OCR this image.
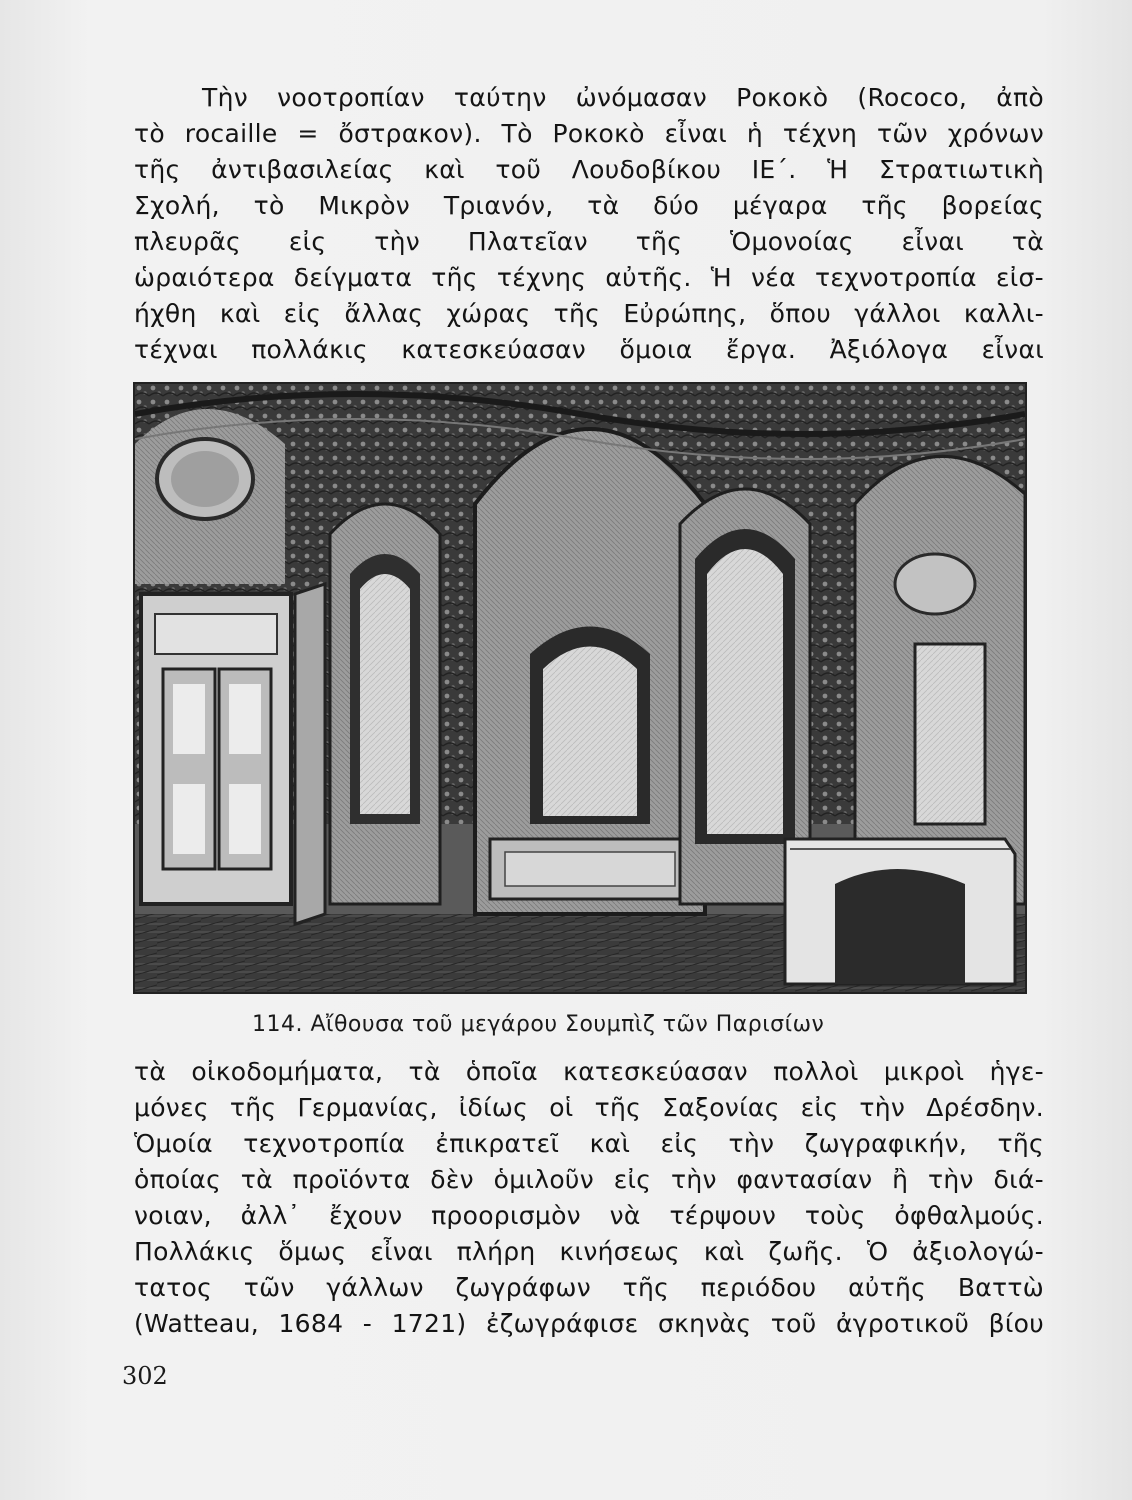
Τὴν νοοτροπίαν ταύτην ὠνόμασαν Ροκοκὸ (Rococo, ἀπὸ
τὸ rocaille = ὄστρακον). Τὸ Ροκοκὸ εἶναι ἡ τέχνη τῶν χρόνων
τῆς ἀντιβασιλείας καὶ τοῦ Λουδοβίκου ΙΕ΄. Ἡ Στρατιωτικὴ
Σχολή, τὸ Μικρὸν Τριανόν, τὰ δύο μέγαρα τῆς βορείας
πλευρᾶς εἰς τὴν Πλατεῖαν τῆς Ὁμονοίας εἶναι τὰ
ὡραιότερα δείγματα τῆς τέχνης αὐτῆς. Ἡ νέα τεχνοτροπία εἰσ-
ήχθη καὶ εἰς ἄλλας χώρας τῆς Εὐρώπης, ὅπου γάλλοι καλλι-
τέχναι πολλάκις κατεσκεύασαν ὅμοια ἔργα. Ἀξιόλογα εἶναι
114. Αἴθουσα τοῦ μεγάρου Σουμπὶζ τῶν Παρισίων
τὰ οἰκοδομήματα, τὰ ὁποῖα κατεσκεύασαν πολλοὶ μικροὶ ἡγε-
μόνες τῆς Γερμανίας, ἰδίως οἱ τῆς Σαξονίας εἰς τὴν Δρέσδην.
Ὁμοία τεχνοτροπία ἐπικρατεῖ καὶ εἰς τὴν ζωγραφικήν, τῆς
ὁποίας τὰ προϊόντα δὲν ὁμιλοῦν εἰς τὴν φαντασίαν ἢ τὴν διά-
νοιαν, ἀλλ᾽ ἔχουν προορισμὸν νὰ τέρψουν τοὺς ὀφθαλμούς.
Πολλάκις ὅμως εἶναι πλήρη κινήσεως καὶ ζωῆς. Ὁ ἀξιολογώ-
τατος τῶν γάλλων ζωγράφων τῆς περιόδου αὐτῆς Βαττὼ
(Watteau, 1684 - 1721) ἐζωγράφισε σκηνὰς τοῦ ἀγροτικοῦ βίου
302
